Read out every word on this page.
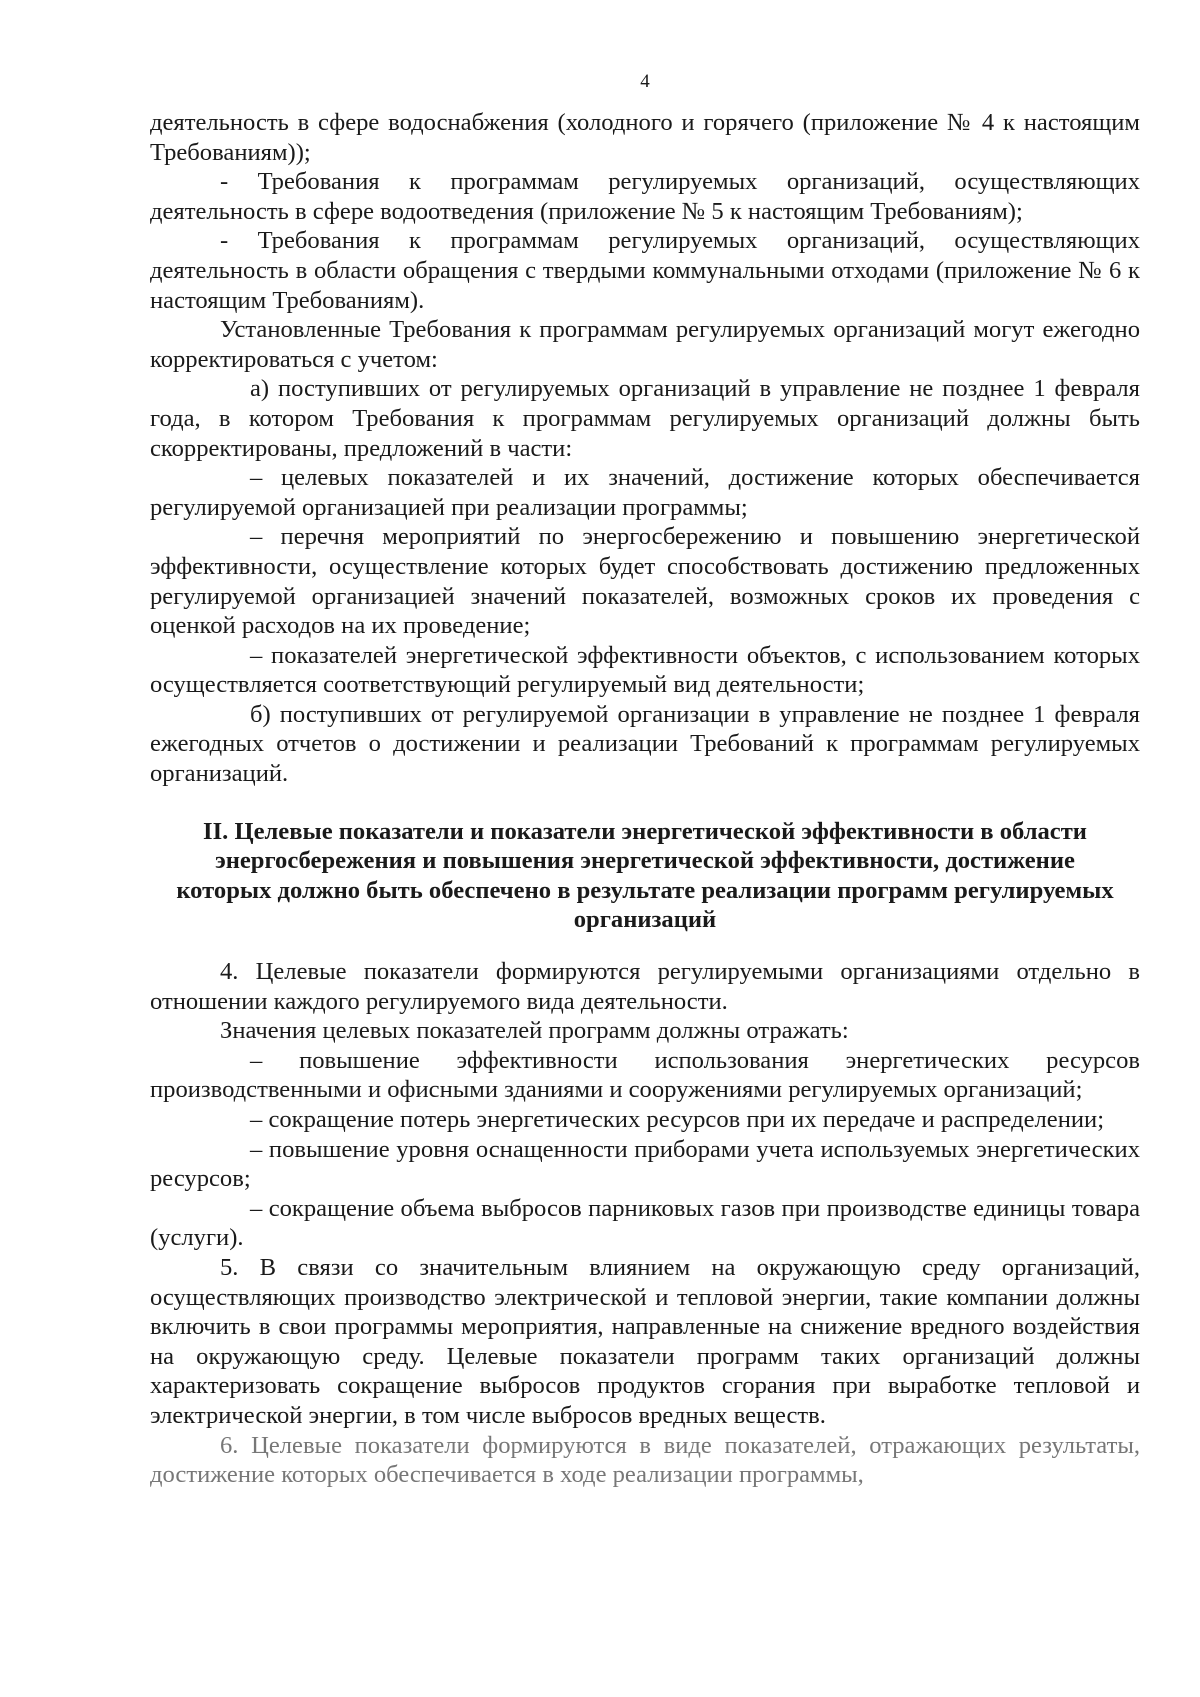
4

деятельность в сфере водоснабжения (холодного и горячего (приложение № 4 к настоящим Требованиям));

- Требования к программам регулируемых организаций, осуществляющих деятельность в сфере водоотведения (приложение № 5 к настоящим Требованиям);

- Требования к программам регулируемых организаций, осуществляющих деятельность в области обращения с твердыми коммунальными отходами (приложение № 6 к настоящим Требованиям).

Установленные Требования к программам регулируемых организаций могут ежегодно корректироваться с учетом:

а) поступивших от регулируемых организаций в управление не позднее 1 февраля года, в котором Требования к программам регулируемых организаций должны быть скорректированы, предложений в части:

– целевых показателей и их значений, достижение которых обеспечивается регулируемой организацией при реализации программы;

– перечня мероприятий по энергосбережению и повышению энергетической эффективности, осуществление которых будет способствовать достижению предложенных регулируемой организацией значений показателей, возможных сроков их проведения с оценкой расходов на их проведение;

– показателей энергетической эффективности объектов, с использованием которых осуществляется соответствующий регулируемый вид деятельности;

б) поступивших от регулируемой организации в управление не позднее 1 февраля ежегодных отчетов о достижении и реализации Требований к программам регулируемых организаций.

II. Целевые показатели и показатели энергетической эффективности в области энергосбережения и повышения энергетической эффективности, достижение которых должно быть обеспечено в результате реализации программ регулируемых организаций

4. Целевые показатели формируются регулируемыми организациями отдельно в отношении каждого регулируемого вида деятельности.

Значения целевых показателей программ должны отражать:

– повышение эффективности использования энергетических ресурсов производственными и офисными зданиями и сооружениями регулируемых организаций;

– сокращение потерь энергетических ресурсов при их передаче и распределении;

– повышение уровня оснащенности приборами учета используемых энергетических ресурсов;

– сокращение объема выбросов парниковых газов при производстве единицы товара (услуги).

5. В связи со значительным влиянием на окружающую среду организаций, осуществляющих производство электрической и тепловой энергии, такие компании должны включить в свои программы мероприятия, направленные на снижение вредного воздействия на окружающую среду. Целевые показатели программ таких организаций должны характеризовать сокращение выбросов продуктов сгорания при выработке тепловой и электрической энергии, в том числе выбросов вредных веществ.

6. Целевые показатели формируются в виде показателей, отражающих результаты, достижение которых обеспечивается в ходе реализации программы,
